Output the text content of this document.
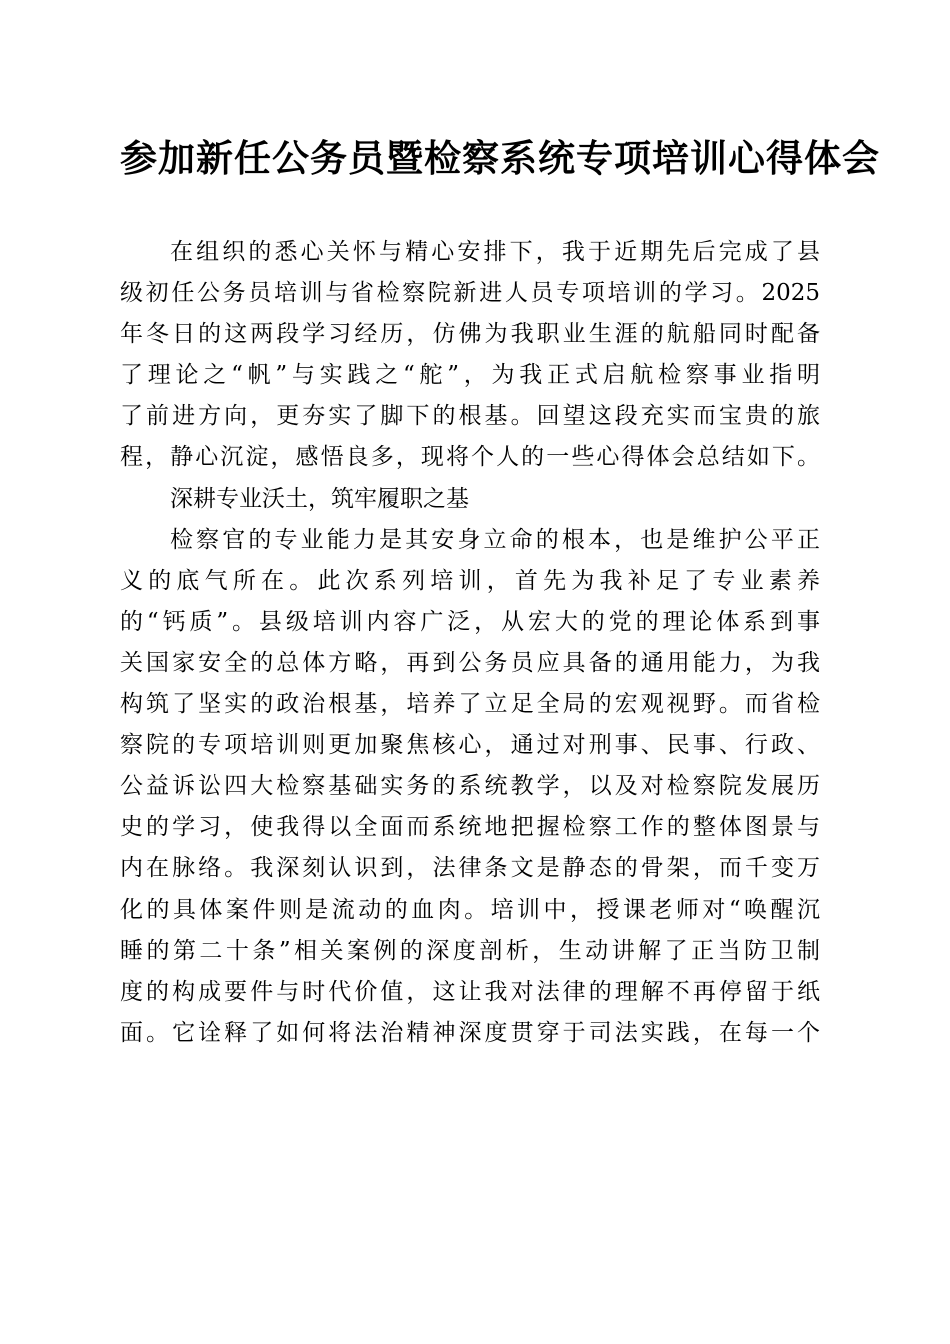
参加新任公务员暨检察系统专项培训心得体会
在组织的悉心关怀与精心安排下，我于近期先后完成了县
级初任公务员培训与省检察院新进人员专项培训的学习。2025
年冬日的这两段学习经历，仿佛为我职业生涯的航船同时配备
了理论之“帆”与实践之“舵”，为我正式启航检察事业指明
了前进方向，更夯实了脚下的根基。回望这段充实而宝贵的旅
程，静心沉淀，感悟良多，现将个人的一些心得体会总结如下。
深耕专业沃土，筑牢履职之基
检察官的专业能力是其安身立命的根本，也是维护公平正
义的底气所在。此次系列培训，首先为我补足了专业素养
的“钙质”。县级培训内容广泛，从宏大的党的理论体系到事
关国家安全的总体方略，再到公务员应具备的通用能力，为我
构筑了坚实的政治根基，培养了立足全局的宏观视野。而省检
察院的专项培训则更加聚焦核心，通过对刑事、民事、行政、
公益诉讼四大检察基础实务的系统教学，以及对检察院发展历
史的学习，使我得以全面而系统地把握检察工作的整体图景与
内在脉络。我深刻认识到，法律条文是静态的骨架，而千变万
化的具体案件则是流动的血肉。培训中，授课老师对“唤醒沉
睡的第二十条”相关案例的深度剖析，生动讲解了正当防卫制
度的构成要件与时代价值，这让我对法律的理解不再停留于纸
面。它诠释了如何将法治精神深度贯穿于司法实践，在每一个
